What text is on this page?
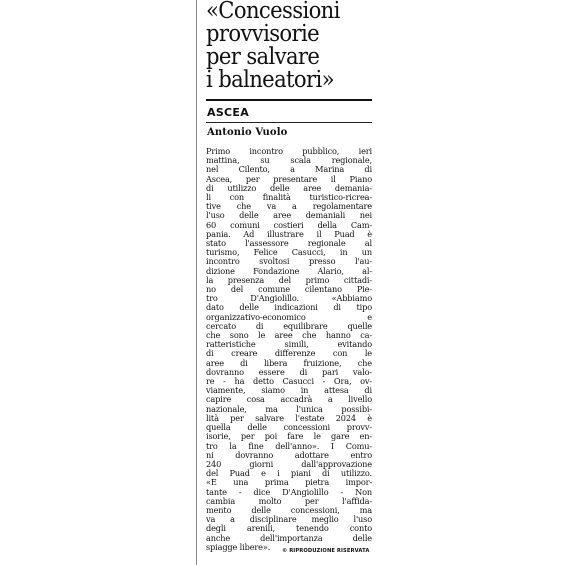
«Concessioni
provvisorie
per salvare
i balneatori»
ASCEA
Antonio Vuolo
Primo incontro pubblico, ieri
mattina, su scala regionale,
nel Cilento, a Marina di
Ascea, per presentare il Piano
di utilizzo delle aree demania-
li con finalità turistico-ricrea-
tive che va a regolamentare
l'uso delle aree demaniali nei
60 comuni costieri della Cam-
pania. Ad illustrare il Puad è
stato l'assessore regionale al
turismo, Felice Casucci, in un
incontro svoltosi presso l'au-
dizione Fondazione Alario, al-
la presenza del primo cittadi-
no del comune cilentano Pie-
tro D'Angiolillo. «Abbiamo
dato delle indicazioni di tipo
organizzativo-economico e
cercato di equilibrare quelle
che sono le aree che hanno ca-
ratteristiche simili, evitando
di creare differenze con le
aree di libera fruizione, che
dovranno essere di pari valo-
re - ha detto Casucci - Ora, ov-
viamente, siamo in attesa di
capire cosa accadrà a livello
nazionale, ma l'unica possibi-
lità per salvare l'estate 2024 è
quella delle concessioni provv-
isorie, per poi fare le gare en-
tro la fine dell'anno». I Comu-
ni dovranno adottare entro
240 giorni dall'approvazione
del Puad e i piani di utilizzo.
«È una prima pietra impor-
tante - dice D'Angiolillo - Non
cambia molto per l'affida-
mento delle concessioni, ma
va a disciplinare meglio l'uso
degli arenili, tenendo conto
anche dell'importanza delle
spiagge libere».	© RIPRODUZIONE RISERVATA
